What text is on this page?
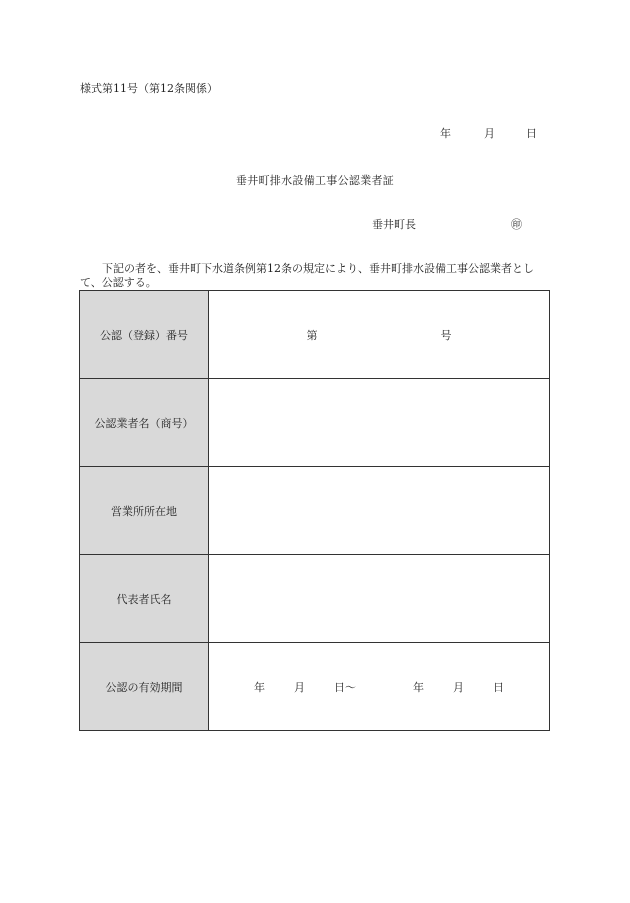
様式第11号（第12条関係）
年	月	日
垂井町排水設備工事公認業者証
垂井町長	㊞
下記の者を、垂井町下水道条例第12条の規定により、垂井町排水設備工事公認業者として、公認する。
公認（登録）番号	第 号
公認業者名（商号）	
営業所所在地	
代表者氏名	
公認の有効期間	年 月 日～ 年 月 日
